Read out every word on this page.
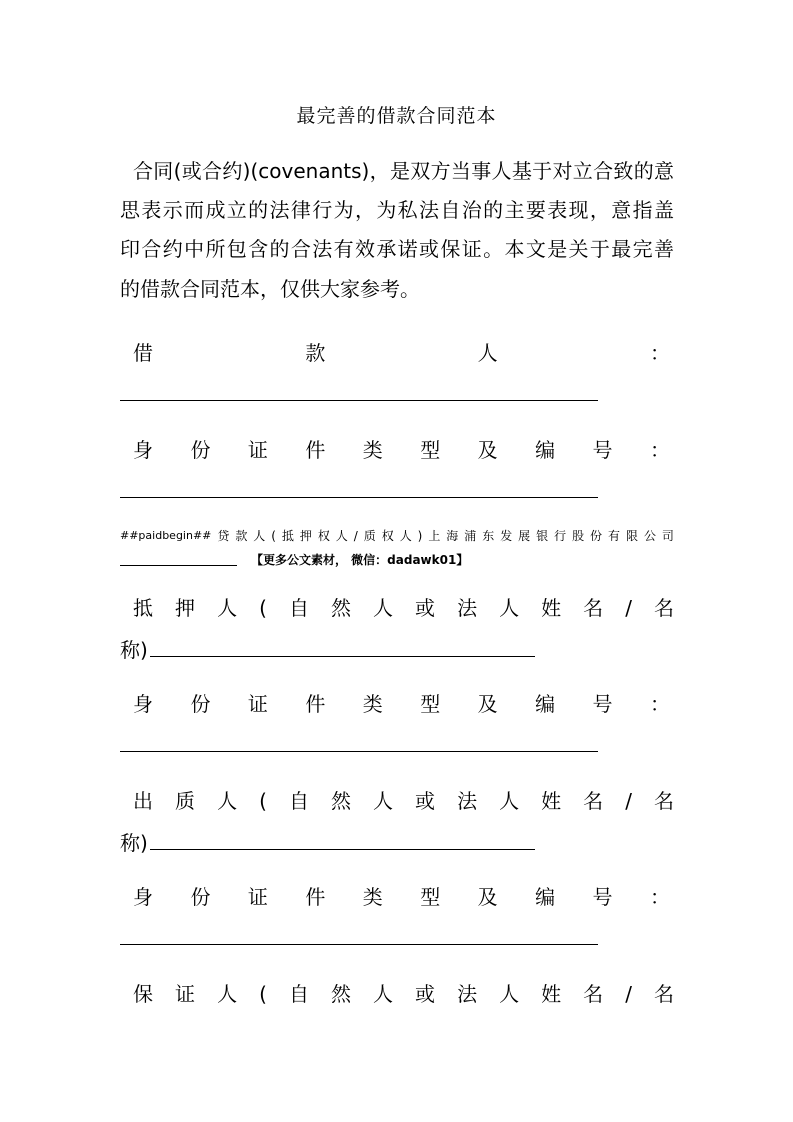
最完善的借款合同范本
合同(或合约)(covenants)，是双方当事人基于对立合致的意
思表示而成立的法律行为，为私法自治的主要表现，意指盖
印合约中所包含的合法有效承诺或保证。本文是关于最完善
的借款合同范本，仅供大家参考。
借	款	人	：
身 份 证 件 类 型 及 编 号 ：
##paidbegin## 贷 款 人 ( 抵 押 权 人 / 质 权 人 ) 上 海 浦 东 发 展 银 行 股 份 有 限 公 司
【更多公文素材， 微信：dadawk01】
抵 押 人 ( 自 然 人 或 法 人 姓 名 / 名
称)
身 份 证 件 类 型 及 编 号 ：
出 质 人 ( 自 然 人 或 法 人 姓 名 / 名
称)
身 份 证 件 类 型 及 编 号 ：
保 证 人 ( 自 然 人 或 法 人 姓 名 / 名
